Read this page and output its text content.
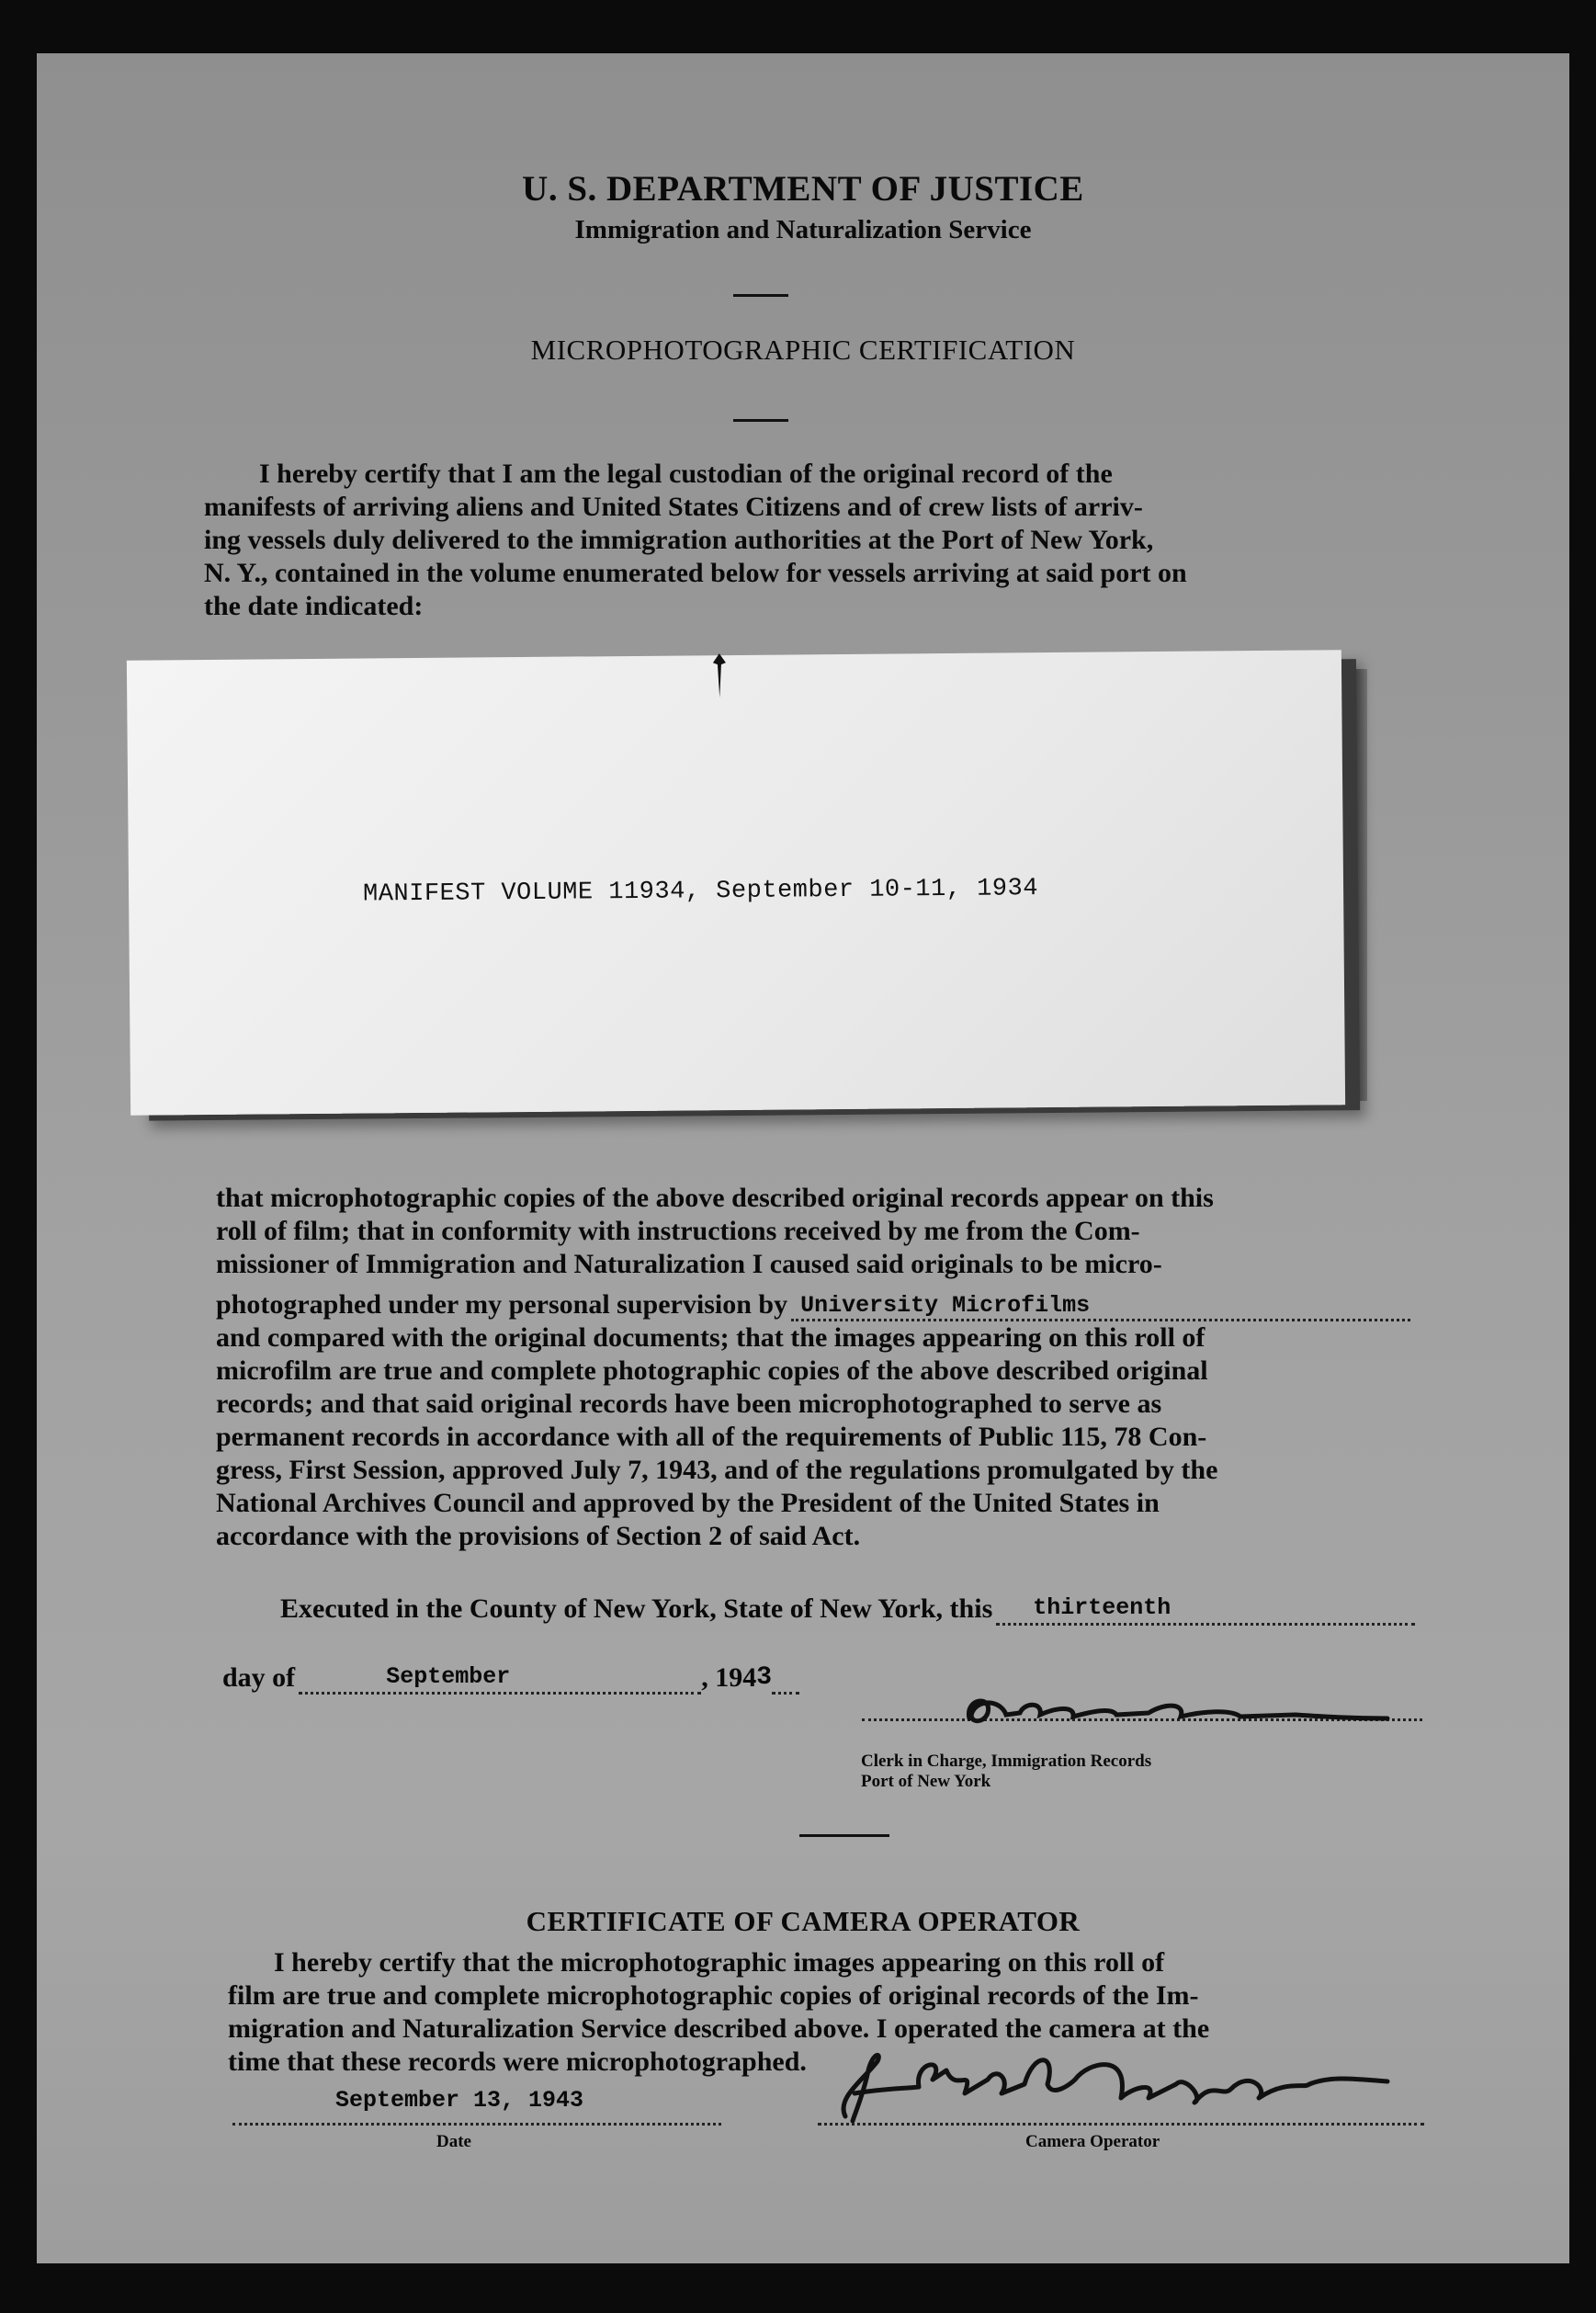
U. S. DEPARTMENT OF JUSTICE
Immigration and Naturalization Service
MICROPHOTOGRAPHIC CERTIFICATION
I hereby certify that I am the legal custodian of the original record of the
manifests of arriving aliens and United States Citizens and of crew lists of arriv-
ing vessels duly delivered to the immigration authorities at the Port of New York,
N. Y., contained in the volume enumerated below for vessels arriving at said port on
the date indicated:
MANIFEST VOLUME 11934, September 10-11, 1934
that microphotographic copies of the above described original records appear on this
roll of film; that in conformity with instructions received by me from the Com-
missioner of Immigration and Naturalization I caused said originals to be micro-
photographed under my personal supervision by University Microfilms
and compared with the original documents; that the images appearing on this roll of
microfilm are true and complete photographic copies of the above described original
records; and that said original records have been microphotographed to serve as
permanent records in accordance with all of the requirements of Public 115, 78 Con-
gress, First Session, approved July 7, 1943, and of the regulations promulgated by the
National Archives Council and approved by the President of the United States in
accordance with the provisions of Section 2 of said Act.
Executed in the County of New York, State of New York, this thirteenth
day of	September	, 194 3
Clerk in Charge, Immigration Records
Port of New York
CERTIFICATE OF CAMERA OPERATOR
I hereby certify that the microphotographic images appearing on this roll of
film are true and complete microphotographic copies of original records of the Im-
migration and Naturalization Service described above. I operated the camera at the
time that these records were microphotographed.
September 13, 1943
Date	Camera Operator
